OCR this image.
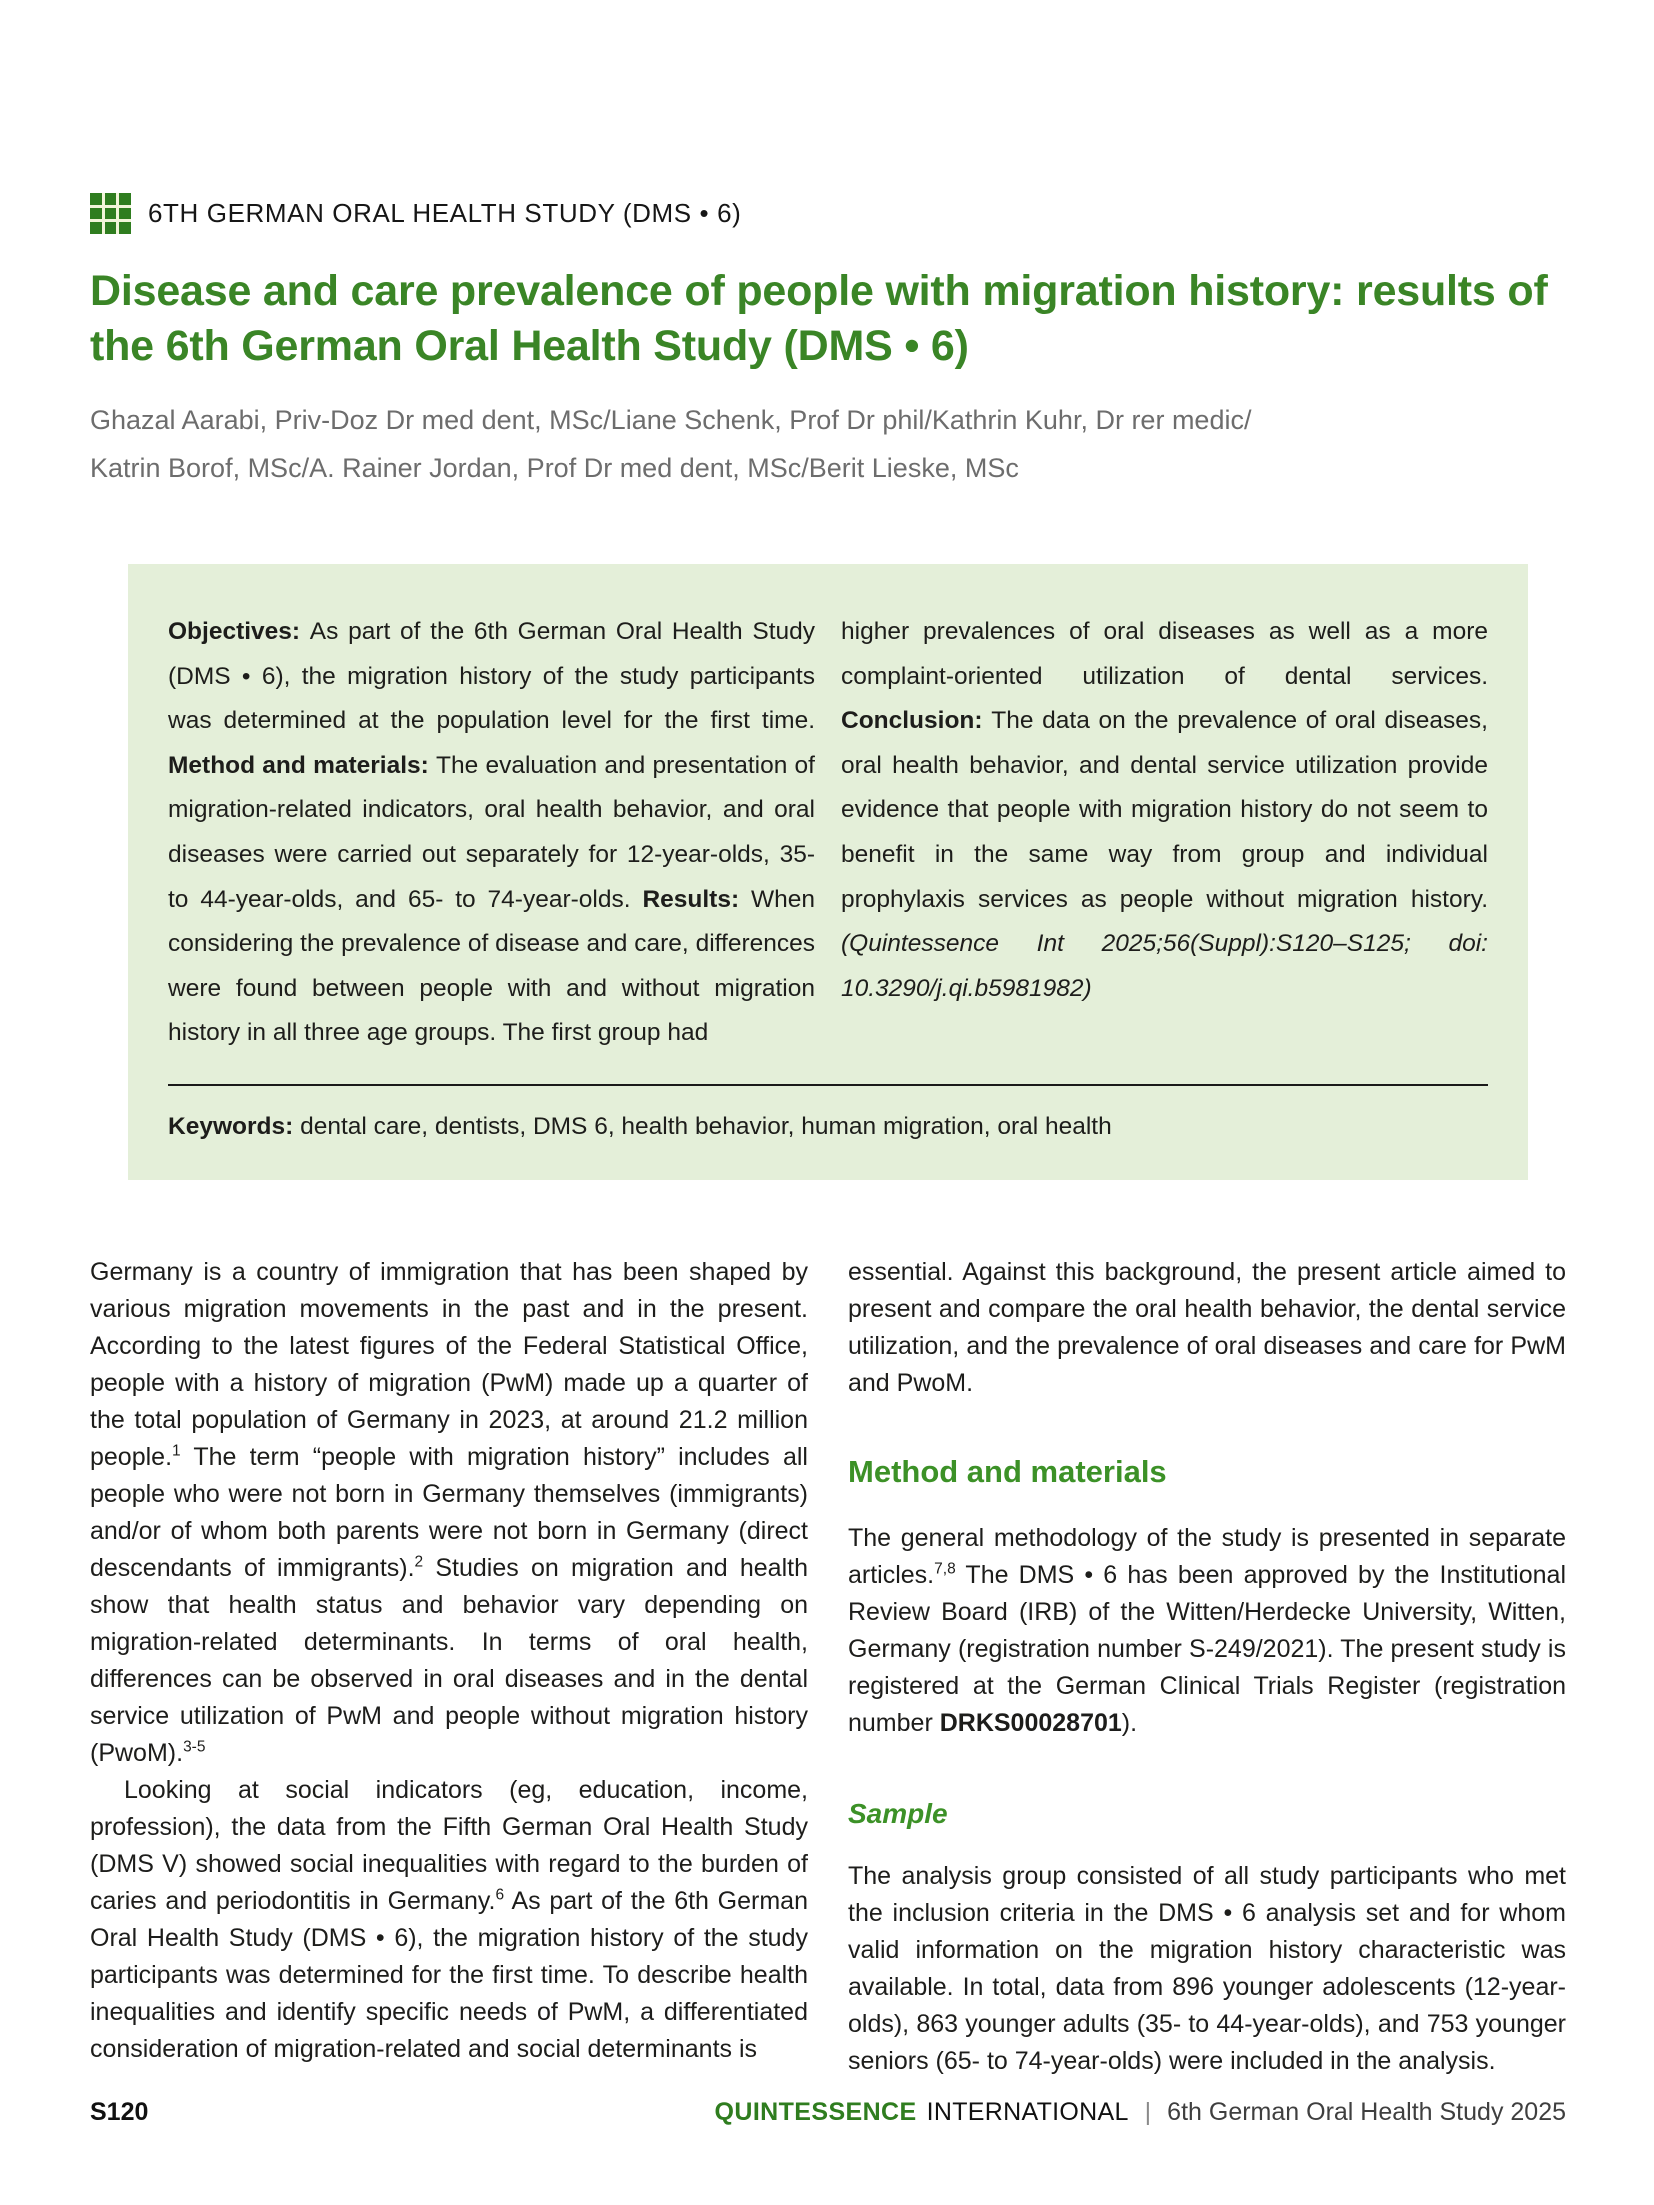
6TH GERMAN ORAL HEALTH STUDY (DMS • 6)
Disease and care prevalence of people with migration history: results of the 6th German Oral Health Study (DMS • 6)

Ghazal Aarabi, Priv-Doz Dr med dent, MSc/Liane Schenk, Prof Dr phil/Kathrin Kuhr, Dr rer medic/
Katrin Borof, MSc/A. Rainer Jordan, Prof Dr med dent, MSc/Berit Lieske, MSc

Objectives: As part of the 6th German Oral Health Study (DMS • 6), the migration history of the study participants was determined at the population level for the first time. Method and materials: The evaluation and presentation of migration-related indicators, oral health behavior, and oral diseases were carried out separately for 12-year-olds, 35- to 44-year-olds, and 65- to 74-year-olds. Results: When considering the prevalence of disease and care, differences were found between people with and without migration history in all three age groups. The first group had

higher prevalences of oral diseases as well as a more complaint-oriented utilization of dental services. Conclusion: The data on the prevalence of oral diseases, oral health behavior, and dental service utilization provide evidence that people with migration history do not seem to benefit in the same way from group and individual prophylaxis services as people without migration history. (Quintessence Int 2025;56(Suppl):S120–S125; doi: 10.3290/j.qi.b5981982)

Keywords: dental care, dentists, DMS 6, health behavior, human migration, oral health

Germany is a country of immigration that has been shaped by various migration movements in the past and in the present. According to the latest figures of the Federal Statistical Office, people with a history of migration (PwM) made up a quarter of the total population of Germany in 2023, at around 21.2 million people.$^1$ The term “people with migration history” includes all people who were not born in Germany themselves (immigrants) and/or of whom both parents were not born in Germany (direct descendants of immigrants).$^2$ Studies on migration and health show that health status and behavior vary depending on migration-related determinants. In terms of oral health, differences can be observed in oral diseases and in the dental service utilization of PwM and people without migration history (PwoM).$^{3-5}$

Looking at social indicators (eg, education, income, profession), the data from the Fifth German Oral Health Study (DMS V) showed social inequalities with regard to the burden of caries and periodontitis in Germany.$^6$ As part of the 6th German Oral Health Study (DMS • 6), the migration history of the study participants was determined for the first time. To describe health inequalities and identify specific needs of PwM, a differentiated consideration of migration-related and social determinants is

essential. Against this background, the present article aimed to present and compare the oral health behavior, the dental service utilization, and the prevalence of oral diseases and care for PwM and PwoM.

Method and materials

The general methodology of the study is presented in separate articles.$^{7,8}$ The DMS • 6 has been approved by the Institutional Review Board (IRB) of the Witten/Herdecke University, Witten, Germany (registration number S-249/2021). The present study is registered at the German Clinical Trials Register (registration number DRKS00028701).

Sample

The analysis group consisted of all study participants who met the inclusion criteria in the DMS • 6 analysis set and for whom valid information on the migration history characteristic was available. In total, data from 896 younger adolescents (12-year-olds), 863 younger adults (35- to 44-year-olds), and 753 younger seniors (65- to 74-year-olds) were included in the analysis.

S120	QUINTESSENCE INTERNATIONAL | 6th German Oral Health Study 2025
